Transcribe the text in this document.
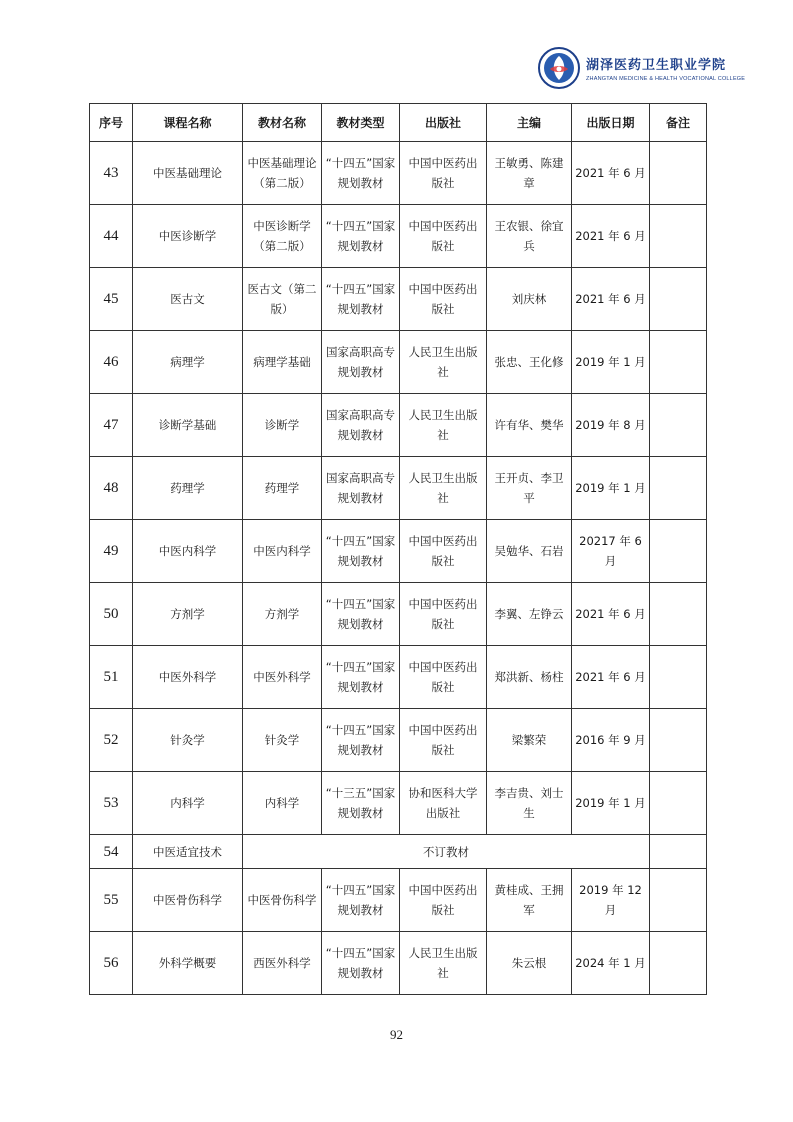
湖泽医药卫生职业学院
ZHANGTAN MEDICINE & HEALTH VOCATIONAL COLLEGE
序号	课程名称	教材名称	教材类型	出版社	主编	出版日期	备注
43	中医基础理论	中医基础理论（第二版）	“十四五”国家规划教材	中国中医药出版社	王敏勇、陈建章	2021 年 6 月	
44	中医诊断学	中医诊断学（第二版）	“十四五”国家规划教材	中国中医药出版社	王农银、徐宜兵	2021 年 6 月	
45	医古文	医古文（第二版）	“十四五”国家规划教材	中国中医药出版社	刘庆林	2021 年 6 月	
46	病理学	病理学基础	国家高职高专规划教材	人民卫生出版社	张忠、王化修	2019 年 1 月	
47	诊断学基础	诊断学	国家高职高专规划教材	人民卫生出版社	许有华、樊华	2019 年 8 月	
48	药理学	药理学	国家高职高专规划教材	人民卫生出版社	王开贞、李卫平	2019 年 1 月	
49	中医内科学	中医内科学	“十四五”国家规划教材	中国中医药出版社	吴勉华、石岩	20217 年 6 月	
50	方剂学	方剂学	“十四五”国家规划教材	中国中医药出版社	李翼、左铮云	2021 年 6 月	
51	中医外科学	中医外科学	“十四五”国家规划教材	中国中医药出版社	郑洪新、杨柱	2021 年 6 月	
52	针灸学	针灸学	“十四五”国家规划教材	中国中医药出版社	梁繁荣	2016 年 9 月	
53	内科学	内科学	“十三五”国家规划教材	协和医科大学出版社	李吉贵、刘士生	2019 年 1 月	
54	中医适宜技术	不订教材					
55	中医骨伤科学	中医骨伤科学	“十四五”国家规划教材	中国中医药出版社	黄桂成、王拥军	2019 年 12 月	
56	外科学概要	西医外科学	“十四五”国家规划教材	人民卫生出版社	朱云根	2024 年 1 月	
92
